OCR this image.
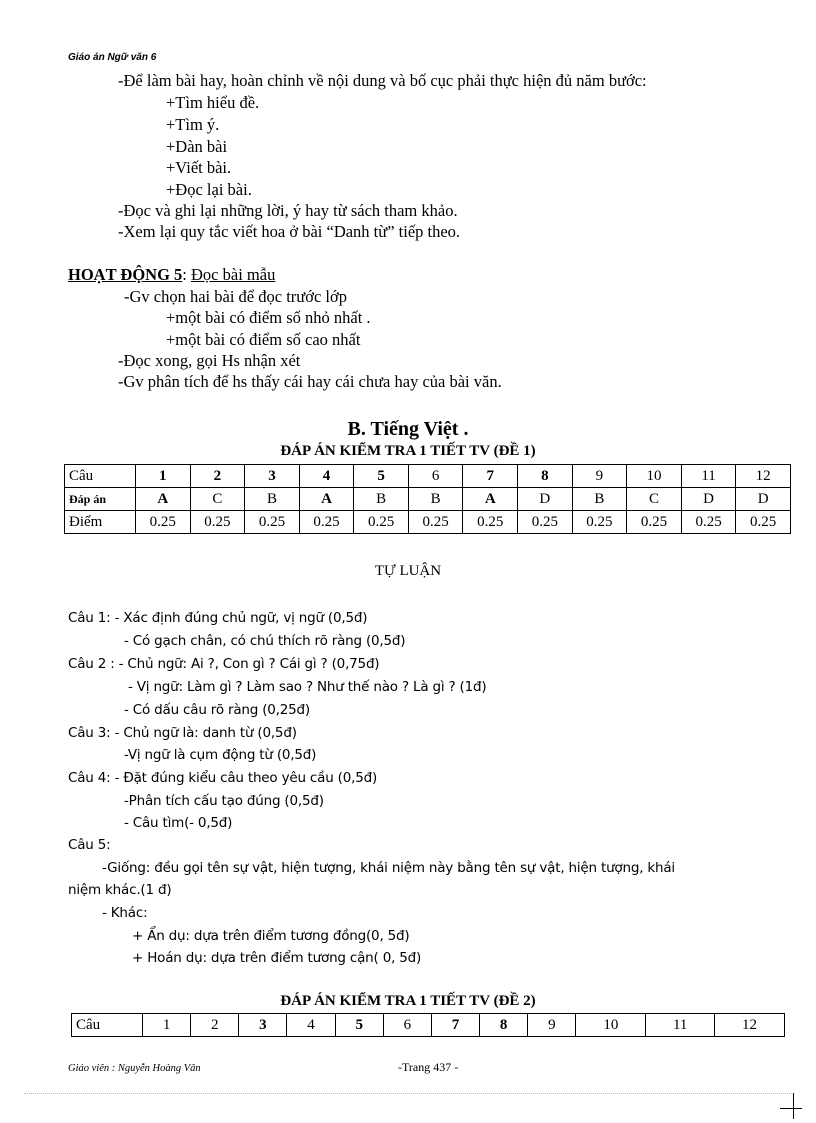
Giáo án Ngữ văn 6
-Để làm bài hay, hoàn chỉnh về nội dung và bố cục phải thực hiện đủ năm bước:
+Tìm hiểu đề.
+Tìm ý.
+Dàn bài
+Viết bài.
+Đọc lại bài.
-Đọc và ghi lại những lời, ý hay từ sách tham khảo.
-Xem lại quy tắc viết hoa ở bài “Danh từ” tiếp theo.
HOẠT ĐỘNG 5: Đọc bài mẫu
-Gv chọn hai bài để đọc trước lớp
+một bài có điểm số nhỏ nhất .
+một bài có điểm số cao nhất
-Đọc xong, gọi Hs nhận xét
-Gv phân tích để hs thấy cái hay cái chưa hay của bài văn.
B. Tiếng Việt .
ĐÁP ÁN KIỂM TRA 1 TIẾT TV (ĐỀ 1)
Câu	1	2	3	4	5	6	7	8	9	10	11	12
Đáp án	A	C	B	A	B	B	A	D	B	C	D	D
Điểm	0.25	0.25	0.25	0.25	0.25	0.25	0.25	0.25	0.25	0.25	0.25	0.25
TỰ LUẬN
Câu 1: - Xác định đúng chủ ngữ, vị ngữ (0,5đ)
- Có gạch chân, có chú thích rõ ràng (0,5đ)
Câu 2 : - Chủ ngữ: Ai ?, Con gì ? Cái gì ? (0,75đ)
- Vị ngữ: Làm gì ? Làm sao ? Như thế nào ? Là gì ? (1đ)
- Có dấu câu rõ ràng (0,25đ)
Câu 3: - Chủ ngữ là: danh từ (0,5đ)
-Vị ngữ là cụm động từ (0,5đ)
Câu 4: - Đặt đúng kiểu câu theo yêu cầu (0,5đ)
-Phân tích cấu tạo đúng (0,5đ)
- Câu tìm(- 0,5đ)
Câu 5:
-Giống: đều gọi tên sự vật, hiện tượng, khái niệm này bằng tên sự vật, hiện tượng, khái
niệm khác.(1 đ)
- Khác:
+ Ẩn dụ: dựa trên điểm tương đồng(0, 5đ)
+ Hoán dụ: dựa trên điểm tương cận( 0, 5đ)
ĐÁP ÁN KIỂM TRA 1 TIẾT TV (ĐỀ 2)
Câu	1	2	3	4	5	6	7	8	9	10	11	12
Giáo viên : Nguyễn Hoàng Vân	-Trang 437 -
